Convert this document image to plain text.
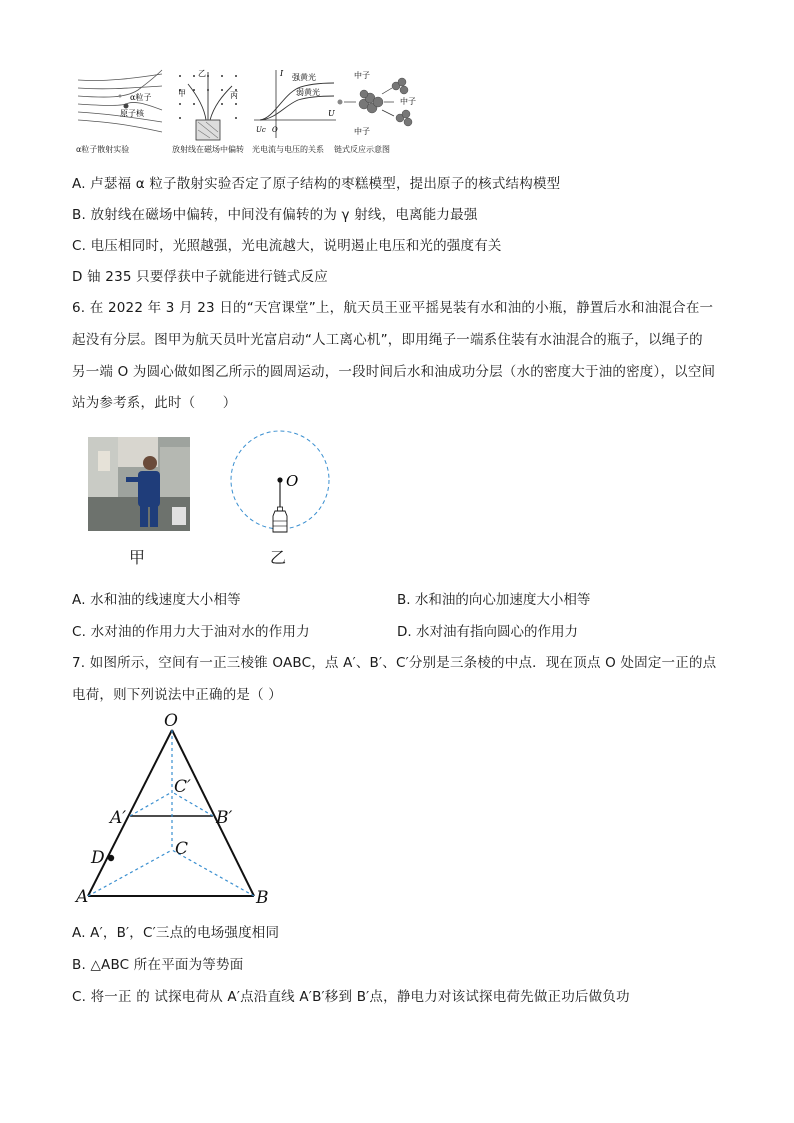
α粒子
原子核
α粒子散射实验
甲
乙
丙
放射线在磁场中偏转
强黄光
弱黄光
I
U
Uc O
光电流与电压的关系
中子
中子
中子
链式反应示意图
A. 卢瑟福 α 粒子散射实验否定了原子结构的枣糕模型，提出原子的核式结构模型
B. 放射线在磁场中偏转，中间没有偏转的为 γ 射线，电离能力最强
C. 电压相同时，光照越强，光电流越大，说明遏止电压和光的强度有关
D 铀 235 只要俘获中子就能进行链式反应
6. 在 2022 年 3 月 23 日的“天宫课堂”上，航天员王亚平摇晃装有水和油的小瓶，静置后水和油混合在一
起没有分层。图甲为航天员叶光富启动“人工离心机”，即用绳子一端系住装有水油混合的瓶子，以绳子的
另一端 O 为圆心做如图乙所示的圆周运动，一段时间后水和油成功分层（水的密度大于油的密度），以空间
站为参考系，此时（　　）
甲
O
乙
A. 水和油的线速度大小相等	B. 水和油的向心加速度大小相等
C. 水对油的作用力大于油对水的作用力	D. 水对油有指向圆心的作用力
7. 如图所示，空间有一正三棱锥 OABC，点 A′、B′、C′分别是三条棱的中点．现在顶点 O 处固定一正的点
电荷，则下列说法中正确的是（ ）
O
A	B
C
A′	B′
C′
D
A. A′，B′，C′三点的电场强度相同
B. △ABC 所在平面为等势面
C. 将一正 的 试探电荷从 A′点沿直线 A′B′移到 B′点，静电力对该试探电荷先做正功后做负功
